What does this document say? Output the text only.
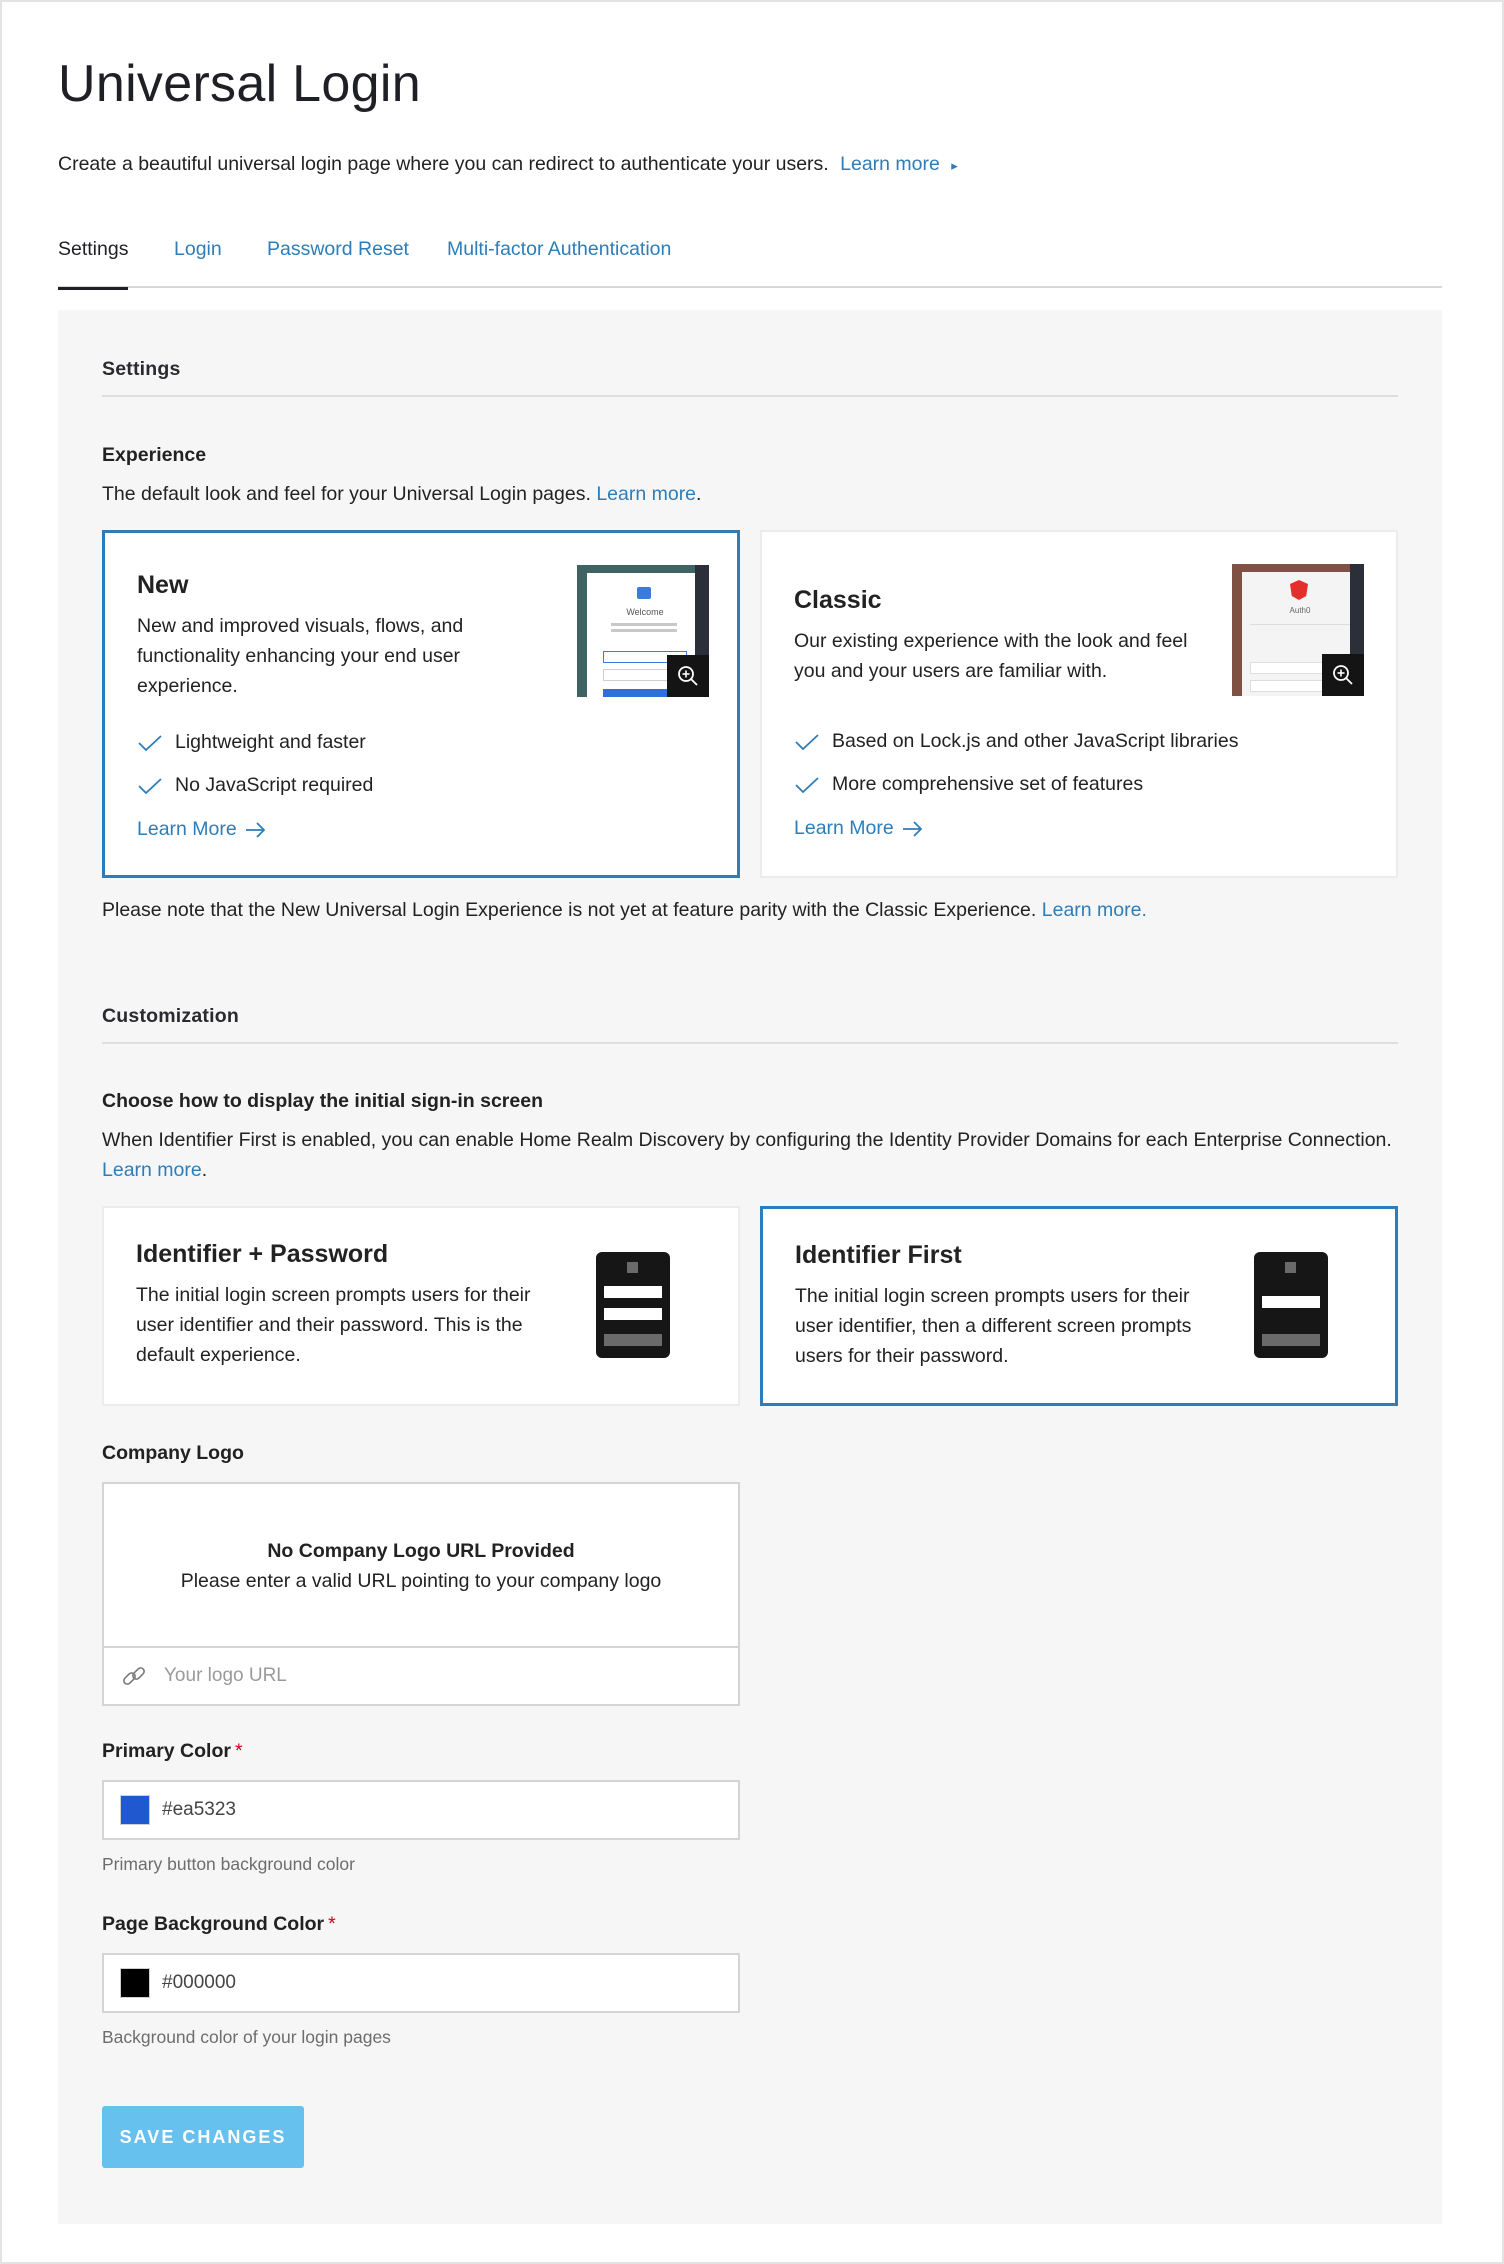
Universal Login

Create a beautiful universal login page where you can redirect to authenticate your users. Learn more ▸

Settings Login Password Reset Multi-factor Authentication
Settings
Experience
The default look and feel for your Universal Login pages. Learn more.
New
New and improved visuals, flows, and functionality enhancing your end user experience.
Welcome
Lightweight and faster
No JavaScript required
Learn More
Classic
Our existing experience with the look and feel you and your users are familiar with.
Auth0
Based on Lock.js and other JavaScript libraries
More comprehensive set of features
Learn More
Please note that the New Universal Login Experience is not yet at feature parity with the Classic Experience. Learn more.
Customization
Choose how to display the initial sign-in screen
When Identifier First is enabled, you can enable Home Realm Discovery by configuring the Identity Provider Domains for each Enterprise Connection. Learn more.
Identifier + Password
The initial login screen prompts users for their user identifier and their password. This is the default experience.
Identifier First
The initial login screen prompts users for their user identifier, then a different screen prompts users for their password.
Company Logo
No Company Logo URL Provided
Please enter a valid URL pointing to your company logo
Your logo URL
Primary Color *
#ea5323
Primary button background color
Page Background Color *
#000000
Background color of your login pages
SAVE CHANGES
